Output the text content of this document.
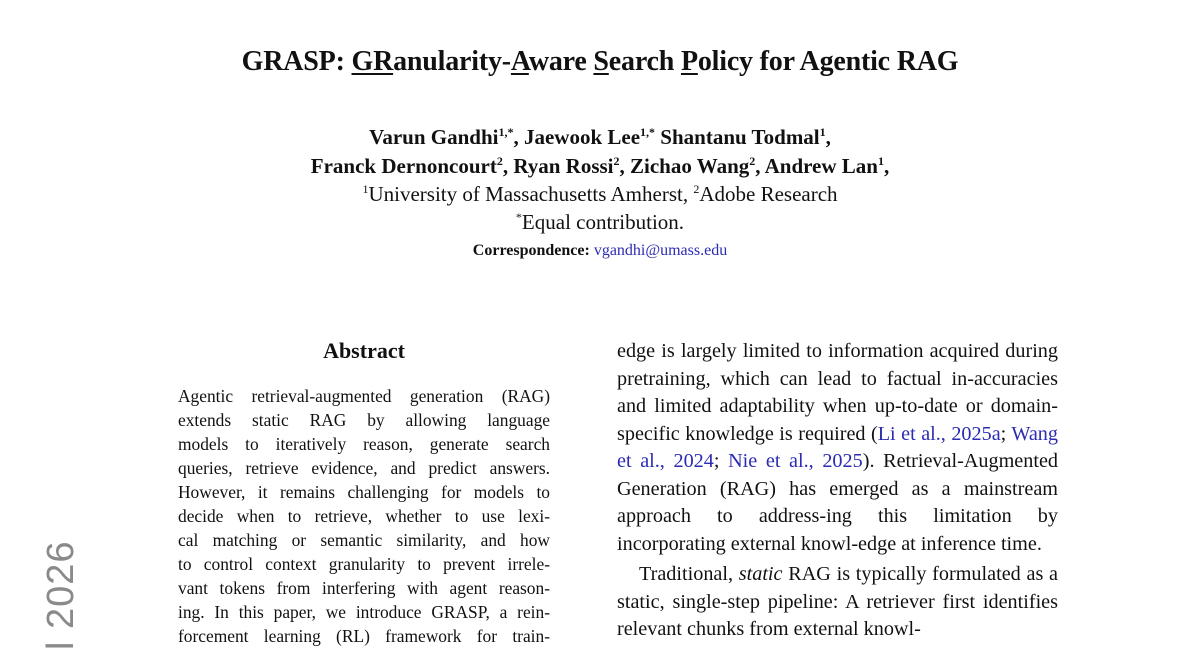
GRASP: GRanularity-Aware Search Policy for Agentic RAG
Varun Gandhi$^{1,*}$, Jaewook Lee$^{1,*}$ Shantanu Todmal$^1$,
Franck Dernoncourt$^2$, Ryan Rossi$^2$, Zichao Wang$^2$, Andrew Lan$^1$,
$^1$University of Massachusetts Amherst, $^2$Adobe Research
*Equal contribution.
Correspondence: vgandhi@umass.edu
Abstract
Agentic retrieval-augmented generation (RAG)
extends static RAG by allowing language
models to iteratively reason, generate search
queries, retrieve evidence, and predict answers.
However, it remains challenging for models to
decide when to retrieve, whether to use lexi-
cal matching or semantic similarity, and how
to control context granularity to prevent irrele-
vant tokens from interfering with agent reason-
ing. In this paper, we introduce GRASP, a rein-
forcement learning (RL) framework for train-

edge is largely limited to information acquired during pretraining, which can lead to factual in-accuracies and limited adaptability when up-to-date or domain-specific knowledge is required (Li et al., 2025a; Wang et al., 2024; Nie et al., 2025). Retrieval-Augmented Generation (RAG) has emerged as a mainstream approach to address-ing this limitation by incorporating external knowl-edge at inference time.

Traditional, static RAG is typically formulated as a static, single-step pipeline: A retriever first identifies relevant chunks from external knowl-

l 2026
